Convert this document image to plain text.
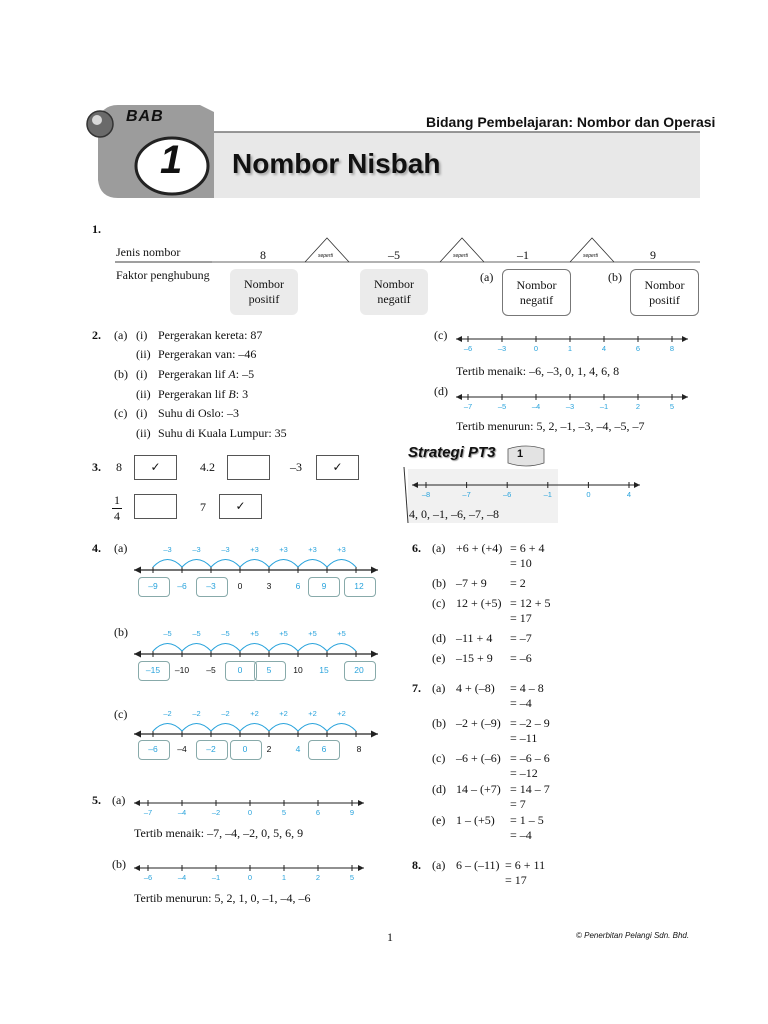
BAB
1
Bidang Pembelajaran: Nombor dan Operasi
Nombor Nisbah
1.
Jenis nombor
Faktor penghubung
8	–5	–1	9
seperti	seperti	seperti
(a)	(b)
Nombor
positif
Nombor
negatif
Nombor
negatif
Nombor
positif
2. (a) (i) Pergerakan kereta: 87
(ii) Pergerakan van: –46
(b) (i) Pergerakan lif A: –5
(ii) Pergerakan lif B: 3
(c) (i) Suhu di Oslo: –3
(ii) Suhu di Kuala Lumpur: 35
(c)
–6	–3	0	1	4	6	8
Tertib menaik: –6, –3, 0, 1, 4, 6, 8
(d)
–7	–5	–4	–3	–1	2	5
Tertib menurun: 5, 2, –1, –3, –4, –5, –7
Strategi PT3 1
–8	–7	–6	–1	0	4
4, 0, –1, –6, –7, –8
3. 8	✓	4.2	–3	✓
1
4
7	✓
4. (a)	–3	–3	–3	+3	+3	+3	+3
–9	–6	–3	0	3	6	9	12
(b)	–5	–5	–5	+5	+5	+5	+5
–15	–10	–5	0	5	10	15	20
(c)	–2	–2	–2	+2	+2	+2	+2
–6	–4	–2	0	2	4	6	8
5. (a)
–7	–4	–2	0	5	6	9
Tertib menaik: –7, –4, –2, 0, 5, 6, 9
(b)
–6	–4	–1	0	1	2	5
Tertib menurun: 5, 2, 1, 0, –1, –4, –6
6. (a) +6 + (+4) = 6 + 4
= 10
(b) –7 + 9 = 2
(c) 12 + (+5) = 12 + 5
= 17
(d) –11 + 4 = –7
(e) –15 + 9 = –6
7. (a) 4 + (–8) = 4 – 8
= –4
(b) –2 + (–9) = –2 – 9
= –11
(c) –6 + (–6) = –6 – 6
= –12
(d) 14 – (+7) = 14 – 7
= 7
(e) 1 – (+5) = 1 – 5
= –4
8. (a) 6 – (–11) = 6 + 11
= 17
1	© Penerbitan Pelangi Sdn. Bhd.
